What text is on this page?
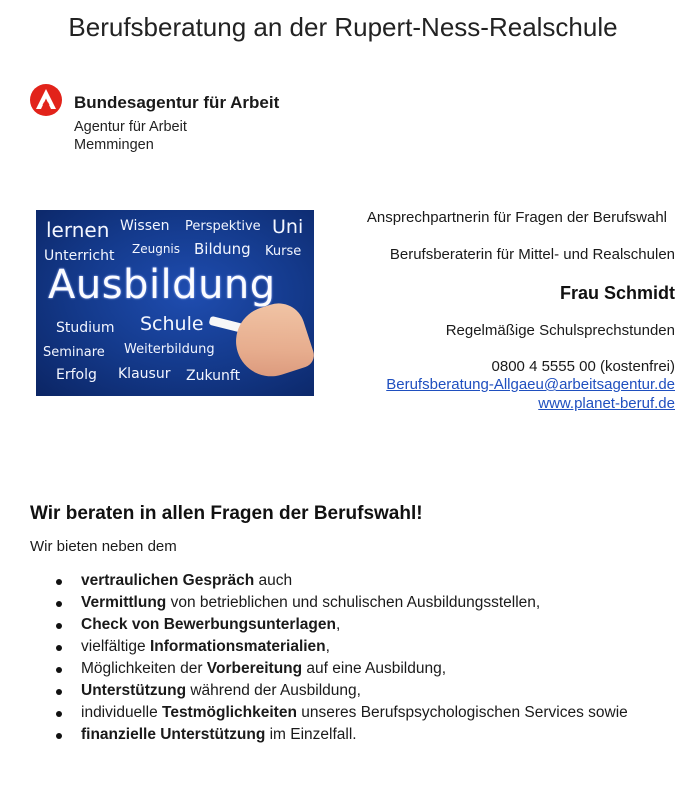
Berufsberatung an der Rupert-Ness-Realschule
Bundesagentur für Arbeit
Agentur für Arbeit
Memmingen
lernen Wissen Perspektive Uni
Unterricht Zeugnis Bildung Kurse
Ausbildung
Studium Schule
Seminare Weiterbildung
Erfolg Klausur Zukunft
Ansprechpartnerin für Fragen der Berufswahl
Berufsberaterin für Mittel- und Realschulen
Frau Schmidt
Regelmäßige Schulsprechstunden
0800 4 5555 00 (kostenfrei)
Berufsberatung-Allgaeu@arbeitsagentur.de
www.planet-beruf.de
Wir beraten in allen Fragen der Berufswahl!
Wir bieten neben dem
vertraulichen Gespräch auch
Vermittlung von betrieblichen und schulischen Ausbildungsstellen,
Check von Bewerbungsunterlagen,
vielfältige Informationsmaterialien,
Möglichkeiten der Vorbereitung auf eine Ausbildung,
Unterstützung während der Ausbildung,
individuelle Testmöglichkeiten unseres Berufspsychologischen Services sowie
finanzielle Unterstützung im Einzelfall.
